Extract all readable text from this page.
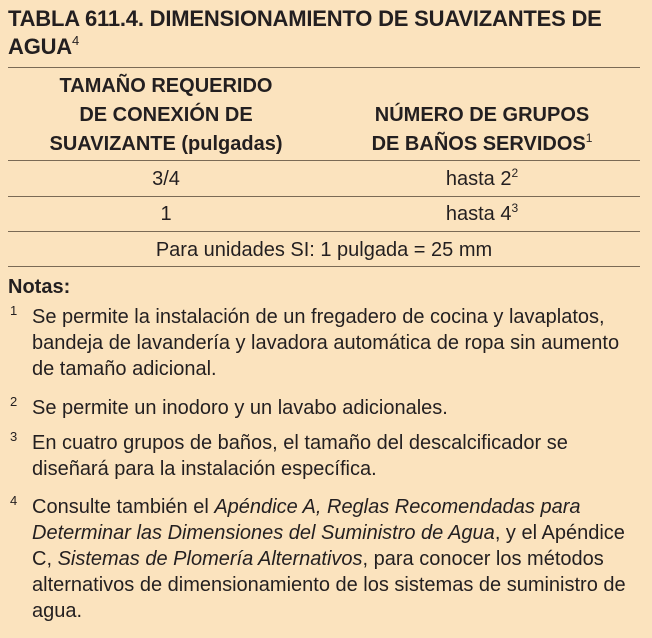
TABLA 611.4. DIMENSIONAMIENTO DE SUAVIZANTES DE AGUA$^4$
TAMAÑO REQUERIDO
DE CONEXIÓN DE
SUAVIZANTE (pulgadas)
NÚMERO DE GRUPOS
DE BAÑOS SERVIDOS$^1$
3/4	hasta $2^2$
1	hasta $4^3$
Para unidades SI: 1 pulgada = 25 mm
Notas:
1 Se permite la instalación de un fregadero de cocina y lavaplatos, bandeja de lavandería y lavadora automática de ropa sin aumento de tamaño adicional.
2 Se permite un inodoro y un lavabo adicionales.
3 En cuatro grupos de baños, el tamaño del descalcificador se diseñará para la instalación específica.
4 Consulte también el Apéndice A, Reglas Recomendadas para Determinar las Dimensiones del Suministro de Agua, y el Apéndice C, Sistemas de Plomería Alternativos, para conocer los métodos alternativos de dimensionamiento de los sistemas de suministro de agua.
